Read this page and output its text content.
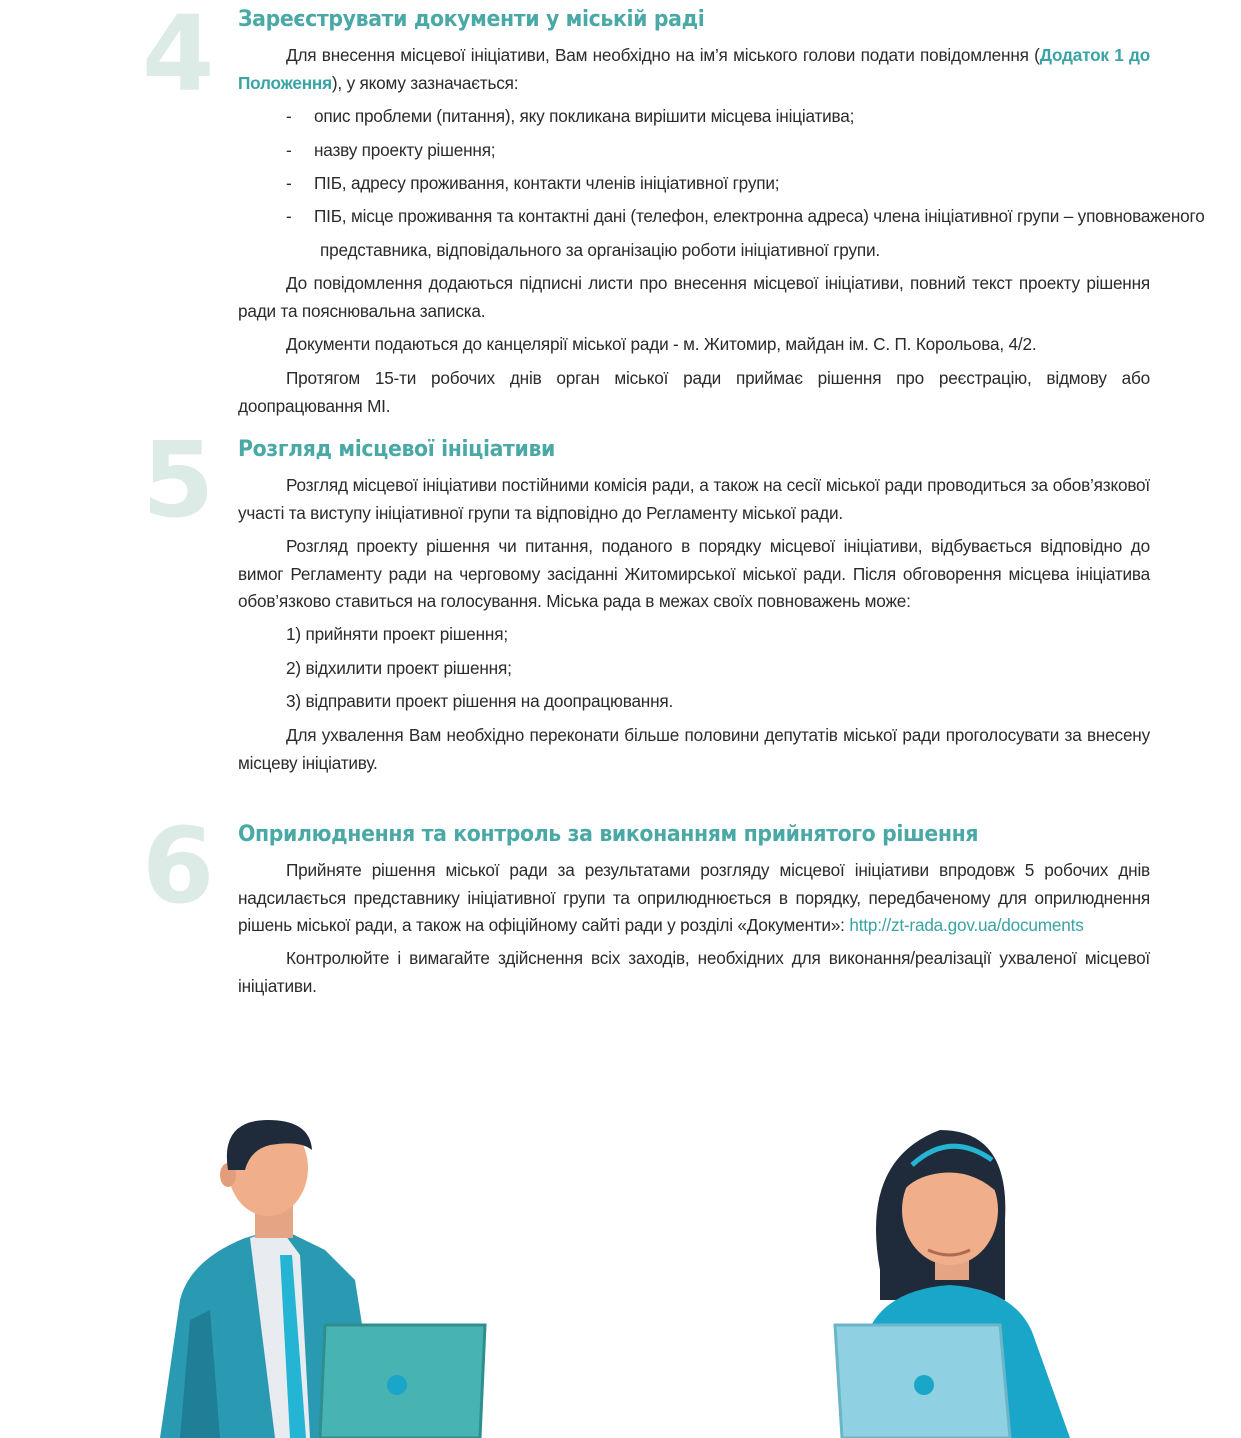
4 Зареєструвати документи у міській раді
Для внесення місцевої ініціативи, Вам необхідно на ім’я міського голови подати повідомлення (Додаток 1 до Положення), у якому зазначається:
- опис проблеми (питання), яку покликана вирішити місцева ініціатива;
- назву проекту рішення;
- ПІБ, адресу проживання, контакти членів ініціативної групи;
- ПІБ, місце проживання та контактні дані (телефон, електронна адреса) члена ініціативної групи – уповноваженого
представника, відповідального за організацію роботи ініціативної групи.
До повідомлення додаються підписні листи про внесення місцевої ініціативи, повний текст проекту рішення ради та пояснювальна записка.
Документи подаються до канцелярії міської ради - м. Житомир, майдан ім. С. П. Корольова, 4/2.
Протягом 15-ти робочих днів орган міської ради приймає рішення про реєстрацію, відмову або доопрацювання МІ.
5 Розгляд місцевої ініціативи
Розгляд місцевої ініціативи постійними комісія ради, а також на сесії міської ради проводиться за обов’язкової участі та виступу ініціативної групи та відповідно до Регламенту міської ради.
Розгляд проекту рішення чи питання, поданого в порядку місцевої ініціативи, відбувається відповідно до вимог Регламенту ради на черговому засіданні Житомирської міської ради. Після обговорення місцева ініціатива обов’язково ставиться на голосування. Міська рада в межах своїх повноважень може:
1) прийняти проект рішення;
2) відхилити проект рішення;
3) відправити проект рішення на доопрацювання.
Для ухвалення Вам необхідно переконати більше половини депутатів міської ради проголосувати за внесену місцеву ініціативу.
6 Оприлюднення та контроль за виконанням прийнятого рішення
Прийняте рішення міської ради за результатами розгляду місцевої ініціативи впродовж 5 робочих днів надсилається представнику ініціативної групи та оприлюднюється в порядку, передбаченому для оприлюднення рішень міської ради, а також на офіційному сайті ради у розділі «Документи»: http://zt-rada.gov.ua/documents
Контролюйте і вимагайте здійснення всіх заходів, необхідних для виконання/реалізації ухваленої місцевої ініціативи.
